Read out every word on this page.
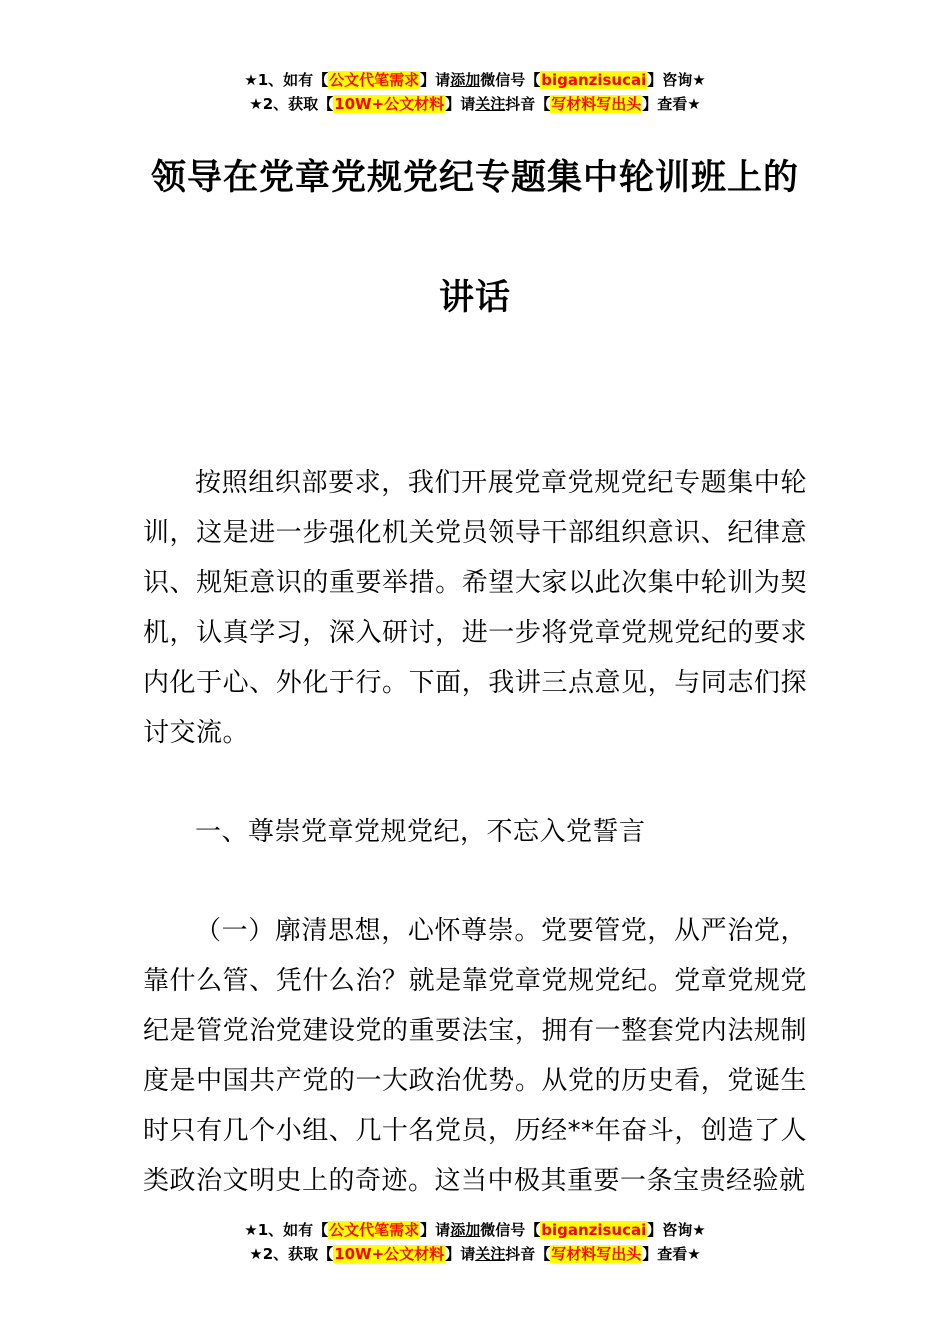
★1、如有【公文代笔需求】请添加微信号【biganzisucai】咨询★
★2、获取【10W+公文材料】请关注抖音【写材料写出头】查看★
领导在党章党规党纪专题集中轮训班上的
讲话
按照组织部要求，我们开展党章党规党纪专题集中轮训，这是进一步强化机关党员领导干部组织意识、纪律意识、规矩意识的重要举措。希望大家以此次集中轮训为契机，认真学习，深入研讨，进一步将党章党规党纪的要求内化于心、外化于行。下面，我讲三点意见，与同志们探讨交流。
一、尊崇党章党规党纪，不忘入党誓言
（一）廓清思想，心怀尊崇。党要管党，从严治党，靠什么管、凭什么治？就是靠党章党规党纪。党章党规党纪是管党治党建设党的重要法宝，拥有一整套党内法规制度是中国共产党的一大政治优势。从党的历史看，党诞生时只有几个小组、几十名党员，历经**年奋斗，创造了人类政治文明史上的奇迹。这当中极其重要一条宝贵经验就
★1、如有【公文代笔需求】请添加微信号【biganzisucai】咨询★
★2、获取【10W+公文材料】请关注抖音【写材料写出头】查看★
